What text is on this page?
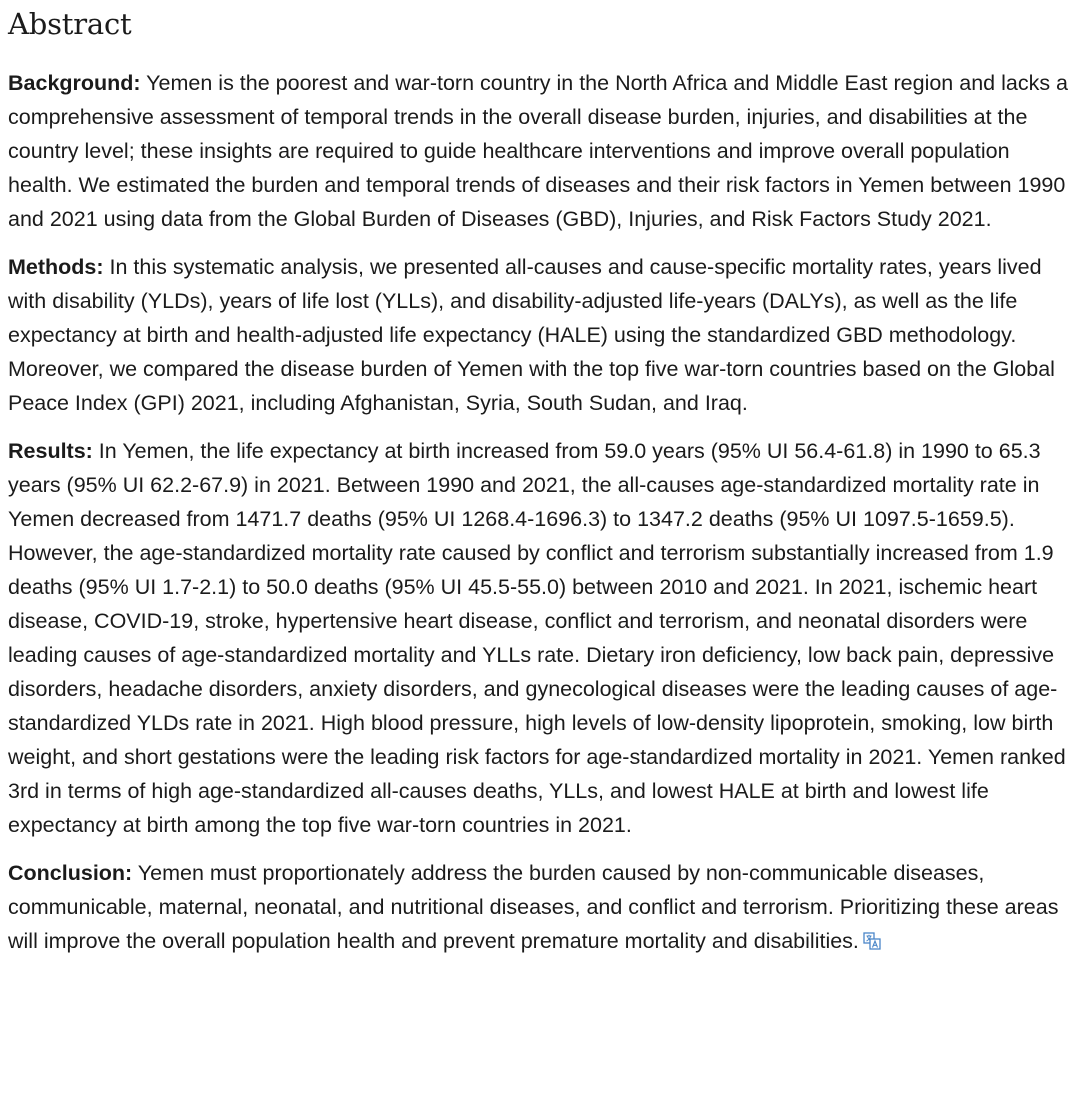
Abstract

Background: Yemen is the poorest and war-torn country in the North Africa and Middle East region and lacks a comprehensive assessment of temporal trends in the overall disease burden, injuries, and disabilities at the country level; these insights are required to guide healthcare interventions and improve overall population health. We estimated the burden and temporal trends of diseases and their risk factors in Yemen between 1990 and 2021 using data from the Global Burden of Diseases (GBD), Injuries, and Risk Factors Study 2021.

Methods: In this systematic analysis, we presented all-causes and cause-specific mortality rates, years lived with disability (YLDs), years of life lost (YLLs), and disability-adjusted life-years (DALYs), as well as the life expectancy at birth and health-adjusted life expectancy (HALE) using the standardized GBD methodology. Moreover, we compared the disease burden of Yemen with the top five war-torn countries based on the Global Peace Index (GPI) 2021, including Afghanistan, Syria, South Sudan, and Iraq.

Results: In Yemen, the life expectancy at birth increased from 59.0 years (95% UI 56.4-61.8) in 1990 to 65.3 years (95% UI 62.2-67.9) in 2021. Between 1990 and 2021, the all-causes age-standardized mortality rate in Yemen decreased from 1471.7 deaths (95% UI 1268.4-1696.3) to 1347.2 deaths (95% UI 1097.5-1659.5). However, the age-standardized mortality rate caused by conflict and terrorism substantially increased from 1.9 deaths (95% UI 1.7-2.1) to 50.0 deaths (95% UI 45.5-55.0) between 2010 and 2021. In 2021, ischemic heart disease, COVID-19, stroke, hypertensive heart disease, conflict and terrorism, and neonatal disorders were leading causes of age-standardized mortality and YLLs rate. Dietary iron deficiency, low back pain, depressive disorders, headache disorders, anxiety disorders, and gynecological diseases were the leading causes of age-standardized YLDs rate in 2021. High blood pressure, high levels of low-density lipoprotein, smoking, low birth weight, and short gestations were the leading risk factors for age-standardized mortality in 2021. Yemen ranked 3rd in terms of high age-standardized all-causes deaths, YLLs, and lowest HALE at birth and lowest life expectancy at birth among the top five war-torn countries in 2021.

Conclusion: Yemen must proportionately address the burden caused by non-communicable diseases, communicable, maternal, neonatal, and nutritional diseases, and conflict and terrorism. Prioritizing these areas will improve the overall population health and prevent premature mortality and disabilities.
